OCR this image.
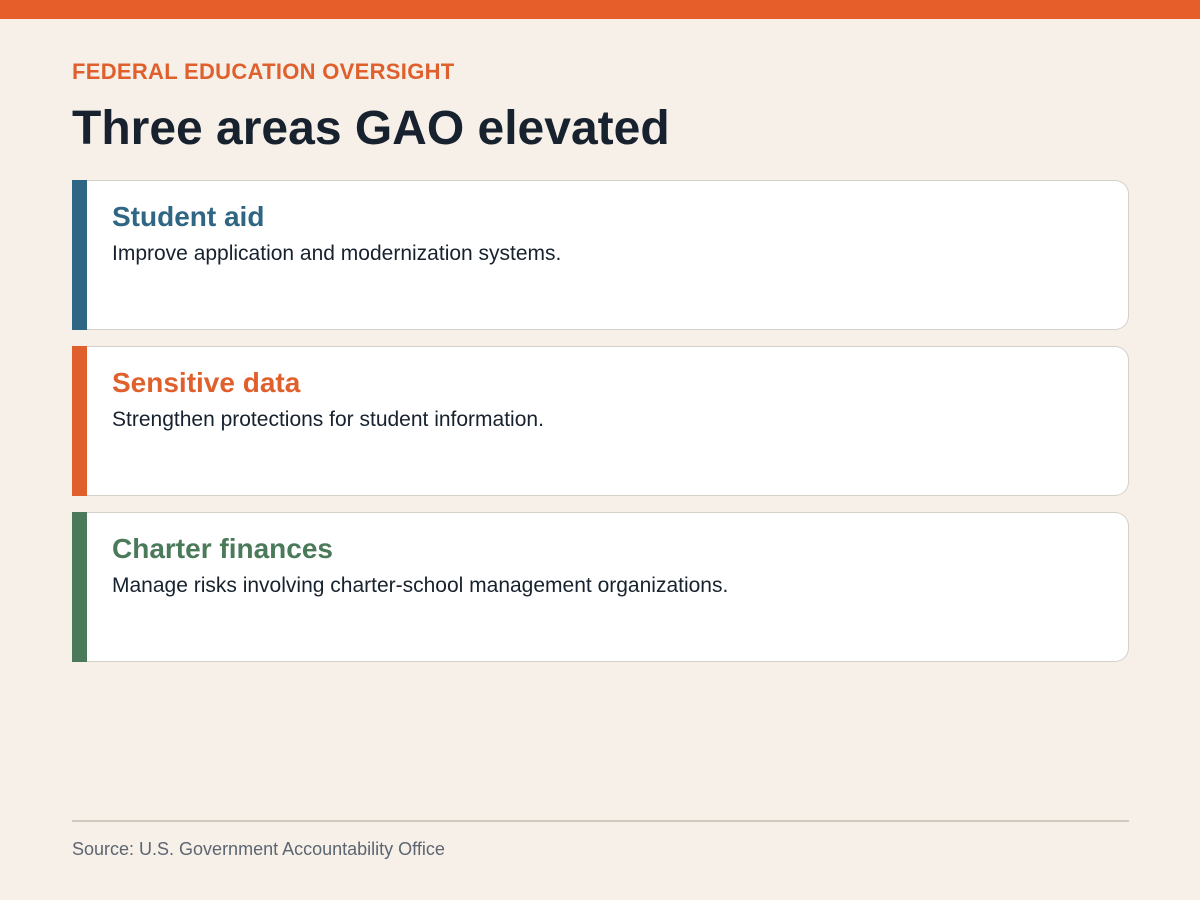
FEDERAL EDUCATION OVERSIGHT

Three areas GAO elevated
Student aid

Improve application and modernization systems.

Sensitive data

Strengthen protections for student information.

Charter finances

Manage risks involving charter-school management organizations.

Source: U.S. Government Accountability Office
